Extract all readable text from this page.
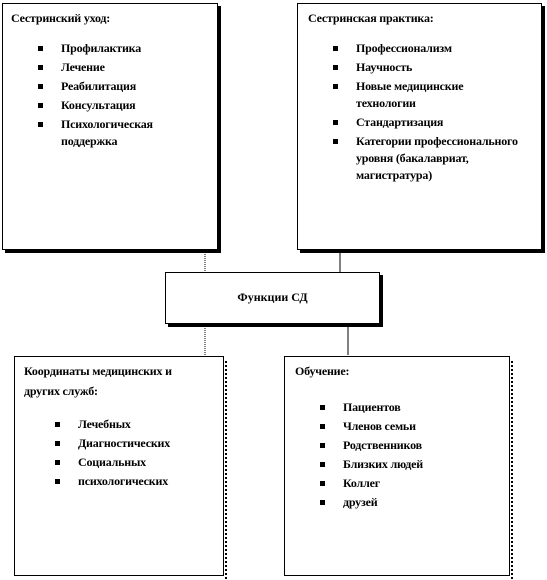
Сестринский уход:
Профилактика
Лечение
Реабилитация
Консультация
Психологическая поддержка
Сестринская практика:
Профессионализм
Научность
Новые медицинские технологии
Стандартизация
Категории профессионального уровня (бакалавриат, магистратура)
Функции СД
Координаты медицинских и
других служб:
Лечебных
Диагностических
Социальных
психологических
Обучение:
Пациентов
Членов семьи
Родственников
Близких людей
Коллег
друзей
